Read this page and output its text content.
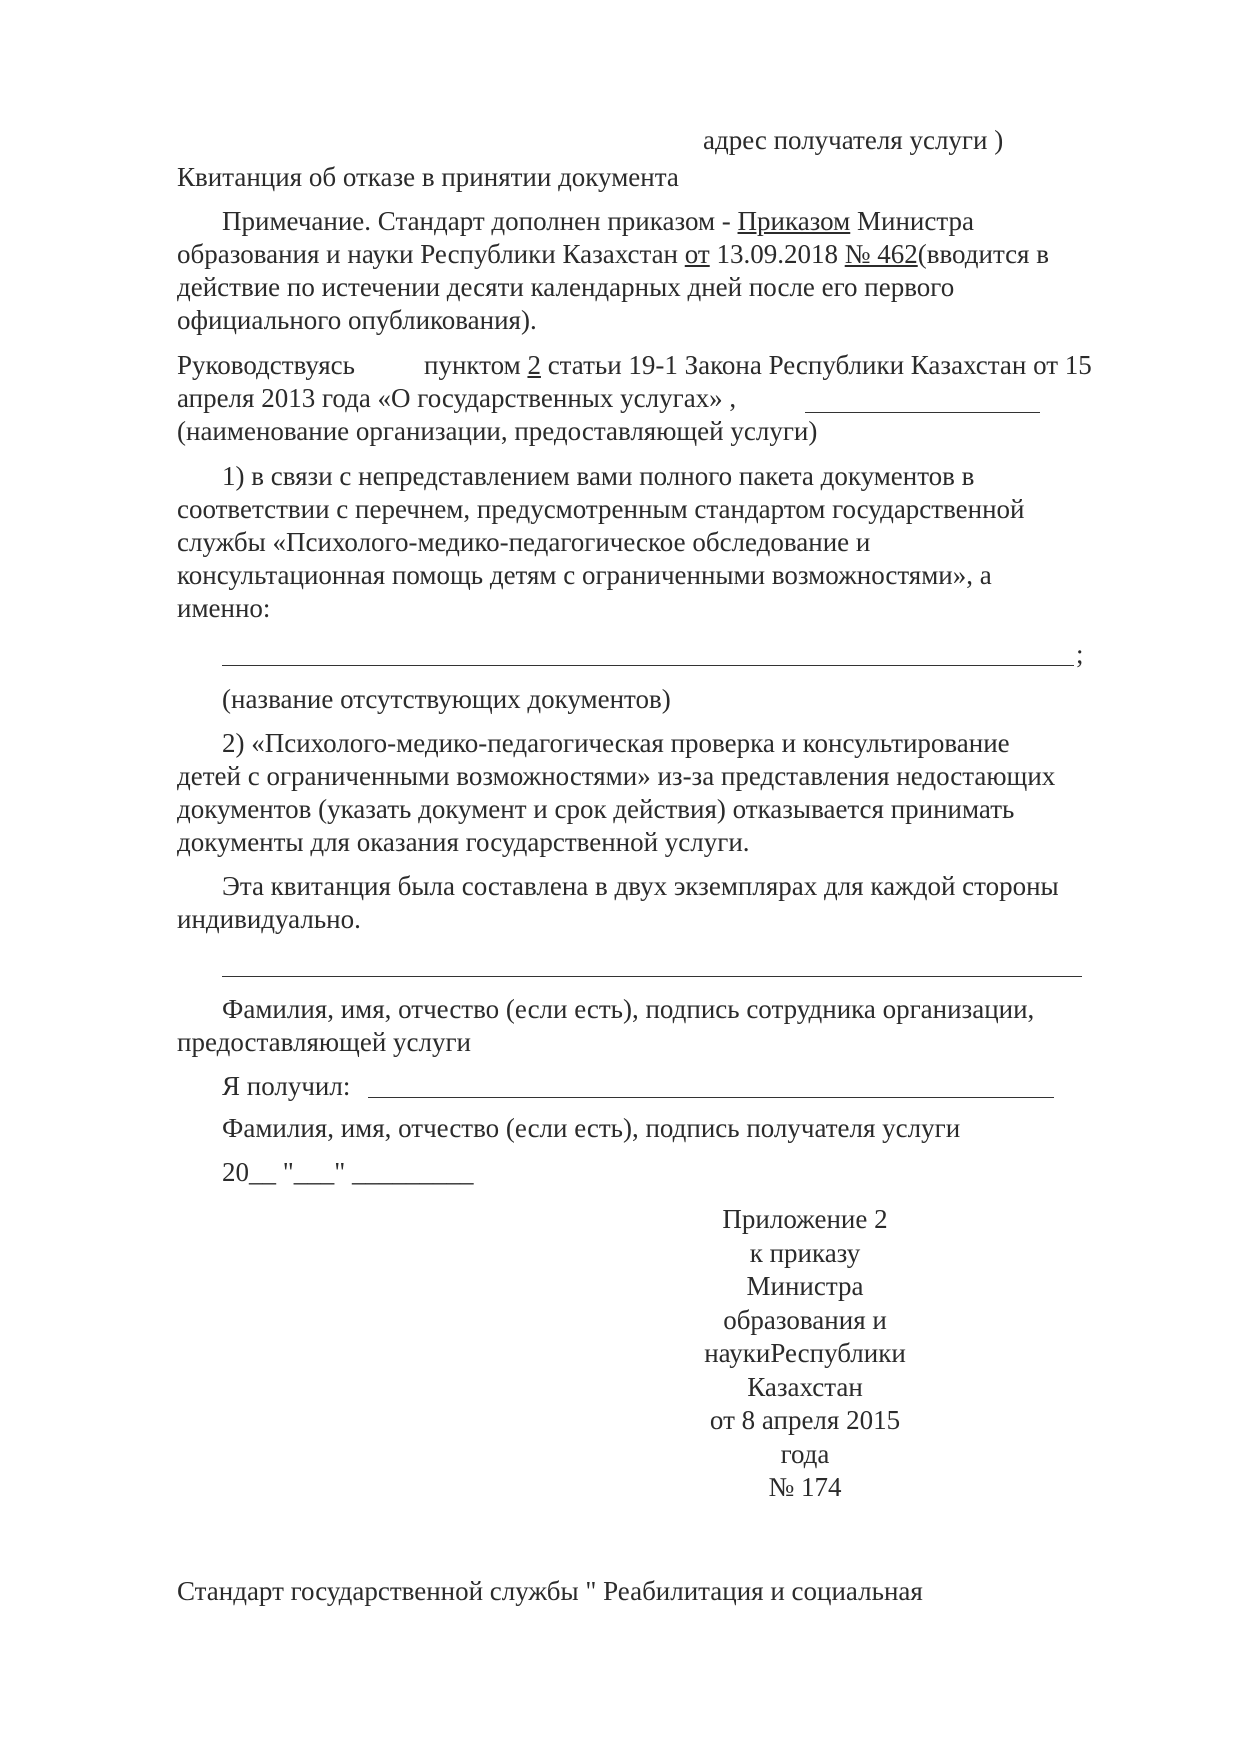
адрес получателя услуги )

Квитанция об отказе в принятии документа

Примечание. Стандарт дополнен приказом - Приказом Министра

образования и науки Республики Казахстан от 13.09.2018 № 462(вводится в

действие по истечении десяти календарных дней после его первого

официального опубликования).

Руководствуясь	пунктом 2 статьи 19-1 Закона Республики Казахстан от 15

апреля 2013 года «О государственных услугах» ,

(наименование организации, предоставляющей услуги)

1) в связи с непредставлением вами полного пакета документов в

соответствии с перечнем, предусмотренным стандартом государственной

службы «Психолого-медико-педагогическое обследование и

консультационная помощь детям с ограниченными возможностями», а

именно:

;

(название отсутствующих документов)

2) «Психолого-медико-педагогическая проверка и консультирование

детей с ограниченными возможностями» из-за представления недостающих

документов (указать документ и срок действия) отказывается принимать

документы для оказания государственной услуги.

Эта квитанция была составлена в двух экземплярах для каждой стороны

индивидуально.

Фамилия, имя, отчество (если есть), подпись сотрудника организации,

предоставляющей услуги

Я получил:

Фамилия, имя, отчество (если есть), подпись получателя услуги

20__ "___" _________

Приложение 2
к приказу
Министра
образования и
наукиРеспублики
Казахстан
от 8 апреля 2015
года
№ 174

Стандарт государственной службы " Реабилитация и социальная
